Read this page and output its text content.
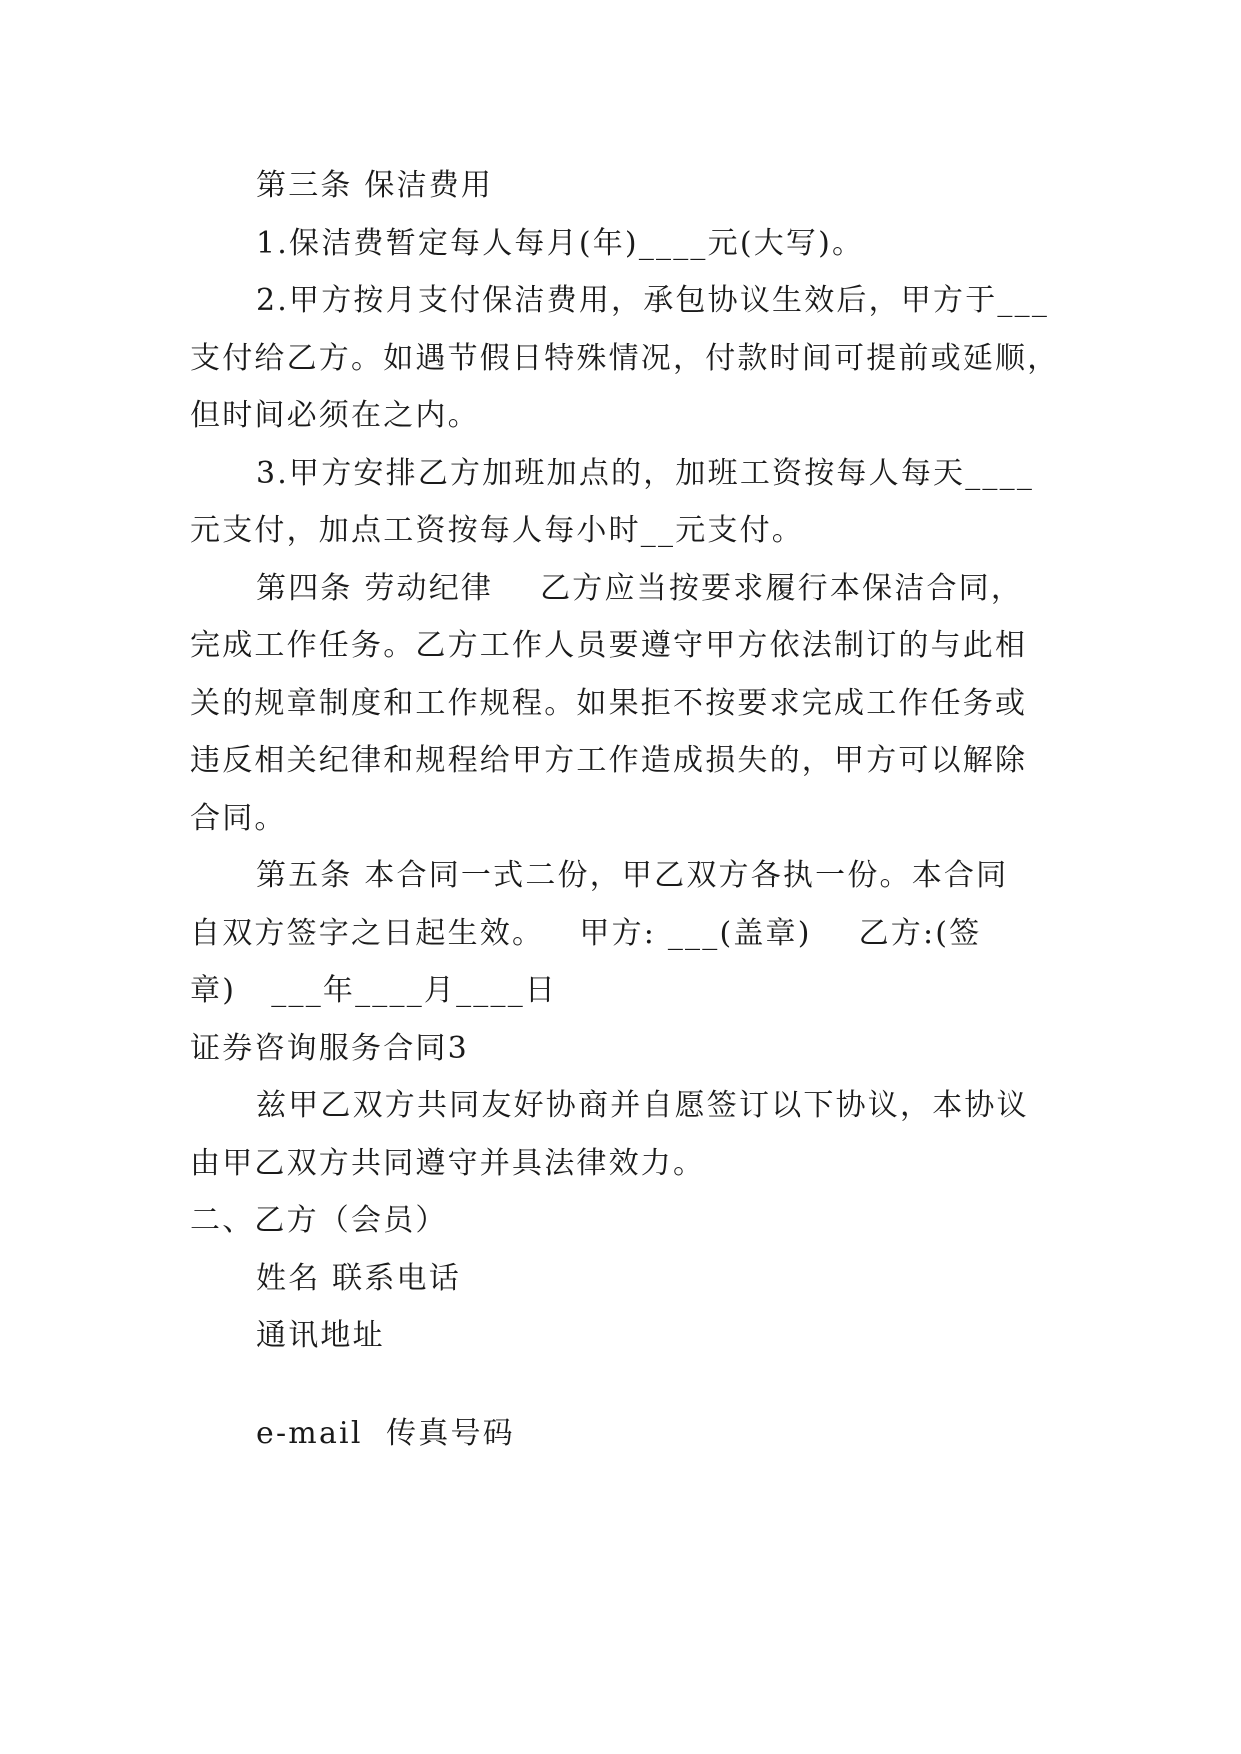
第三条 保洁费用
1.保洁费暂定每人每月(年)____元(大写)。
2.甲方按月支付保洁费用，承包协议生效后，甲方于___
支付给乙方。如遇节假日特殊情况，付款时间可提前或延顺，
但时间必须在之内。
3.甲方安排乙方加班加点的，加班工资按每人每天____
元支付，加点工资按每人每小时__元支付。
第四条 劳动纪律    乙方应当按要求履行本保洁合同，
完成工作任务。乙方工作人员要遵守甲方依法制订的与此相
关的规章制度和工作规程。如果拒不按要求完成工作任务或
违反相关纪律和规程给甲方工作造成损失的，甲方可以解除
合同。
第五条 本合同一式二份，甲乙双方各执一份。本合同
自双方签字之日起生效。   甲方: ___(盖章)    乙方:(签
章)   ___年____月____日
证券咨询服务合同3
兹甲乙双方共同友好协商并自愿签订以下协议，本协议
由甲乙双方共同遵守并具法律效力。
二、乙方（会员）
姓名 联系电话
通讯地址
e-mail  传真号码
